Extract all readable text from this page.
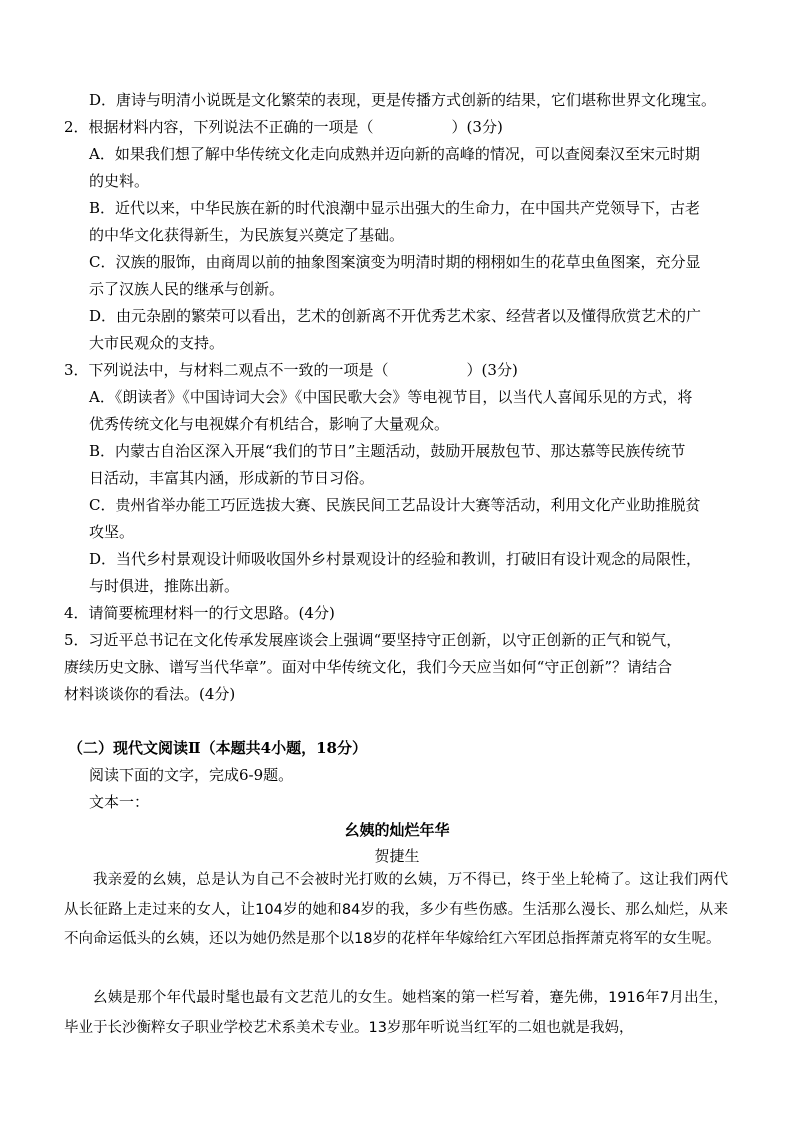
D．唐诗与明清小说既是文化繁荣的表现，更是传播方式创新的结果，它们堪称世界文化瑰宝。
2．根据材料内容，下列说法不正确的一项是（	）(3分)
A．如果我们想了解中华传统文化走向成熟并迈向新的高峰的情况，可以查阅秦汉至宋元时期
的史料。
B．近代以来，中华民族在新的时代浪潮中显示出强大的生命力，在中国共产党领导下，古老
的中华文化获得新生，为民族复兴奠定了基础。
C．汉族的服饰，由商周以前的抽象图案演变为明清时期的栩栩如生的花草虫鱼图案，充分显
示了汉族人民的继承与创新。
D．由元杂剧的繁荣可以看出，艺术的创新离不开优秀艺术家、经营者以及懂得欣赏艺术的广
大市民观众的支持。
3．下列说法中，与材料二观点不一致的一项是（	）(3分)
A．《朗读者》《中国诗词大会》《中国民歌大会》等电视节目，以当代人喜闻乐见的方式，将
优秀传统文化与电视媒介有机结合，影响了大量观众。
B．内蒙古自治区深入开展“我们的节日”主题活动，鼓励开展敖包节、那达慕等民族传统节
日活动，丰富其内涵，形成新的节日习俗。
C．贵州省举办能工巧匠选拔大赛、民族民间工艺品设计大赛等活动，利用文化产业助推脱贫
攻坚。
D．当代乡村景观设计师吸收国外乡村景观设计的经验和教训，打破旧有设计观念的局限性，
与时俱进，推陈出新。
4．请简要梳理材料一的行文思路。(4分)
5．习近平总书记在文化传承发展座谈会上强调“要坚持守正创新，以守正创新的正气和锐气，
赓续历史文脉、谱写当代华章”。面对中华传统文化，我们今天应当如何“守正创新”？请结合
材料谈谈你的看法。(4分)
（二）现代文阅读Ⅱ（本题共4小题，18分）
阅读下面的文字，完成6-9题。
文本一：
幺姨的灿烂年华
贺捷生
我亲爱的幺姨，总是认为自己不会被时光打败的幺姨，万不得已，终于坐上轮椅了。这让我们两代从长征路上走过来的女人，让104岁的她和84岁的我，多少有些伤感。生活那么漫长、那么灿烂，从来不向命运低头的幺姨，还以为她仍然是那个以18岁的花样年华嫁给红六军团总指挥萧克将军的女生呢。
幺姨是那个年代最时髦也最有文艺范儿的女生。她档案的第一栏写着，蹇先佛，1916年7月出生，毕业于长沙衡粹女子职业学校艺术系美术专业。13岁那年听说当红军的二姐也就是我妈，
